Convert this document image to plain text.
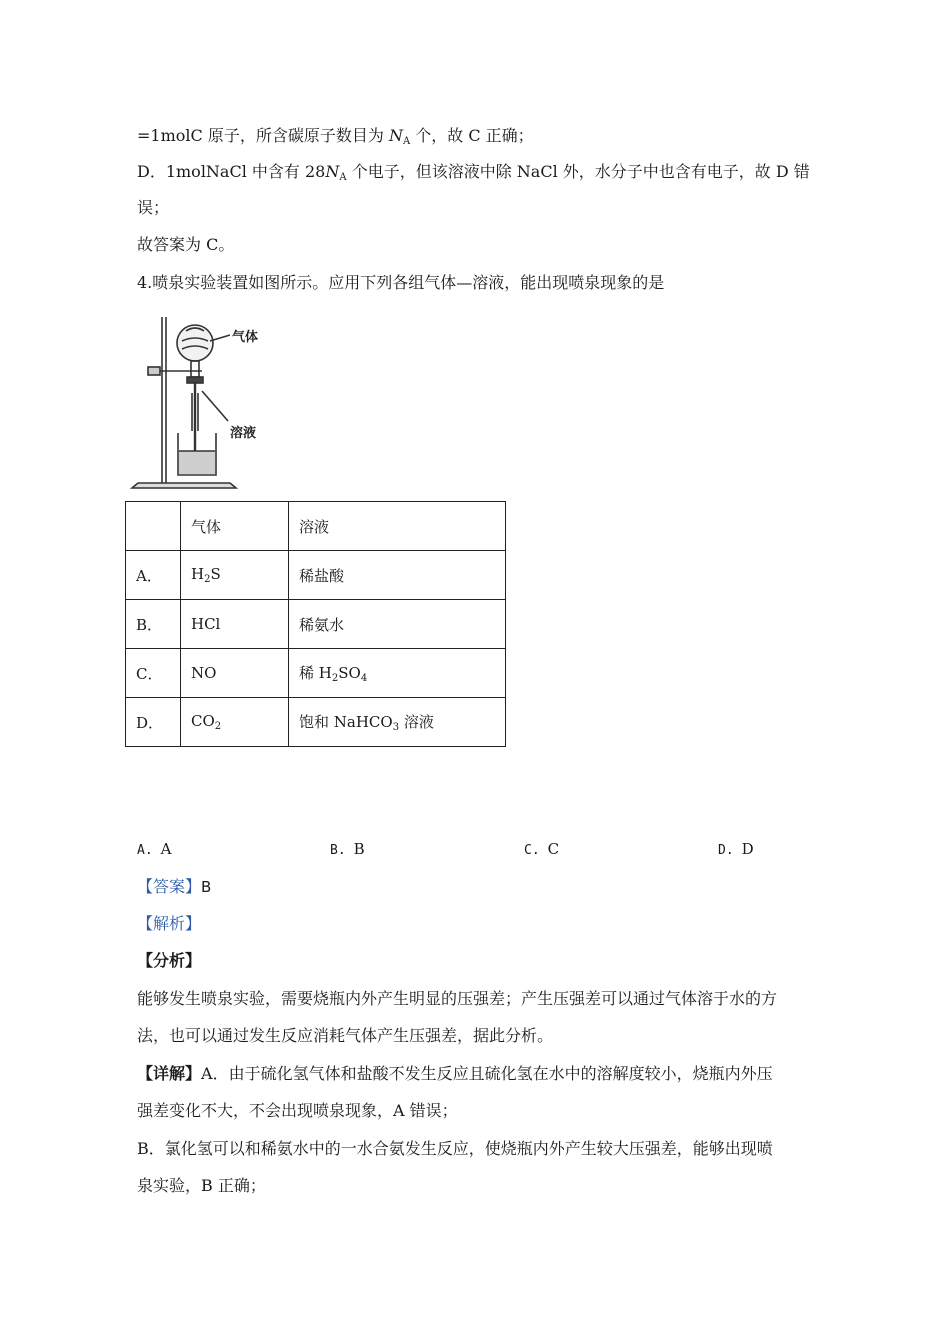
=1molC 原子，所含碳原子数目为 $N_A$ 个，故 C 正确；
D．1molNaCl 中含有 $28N_A$ 个电子，但该溶液中除 NaCl 外，水分子中也含有电子，故 D 错
误；
故答案为 C。
4.喷泉实验装置如图所示。应用下列各组气体—溶液，能出现喷泉现象的是
气体
溶液
	气体	溶液
A．	$H_2S$	稀盐酸
B．	HCl	稀氨水
C．	NO	稀 $H_2SO_4$
D．	$CO_2$	饱和 NaHCO$_3$ 溶液
A. A	B. B	C. C	D. D
【答案】B
【解析】
【分析】
能够发生喷泉实验，需要烧瓶内外产生明显的压强差；产生压强差可以通过气体溶于水的方
法，也可以通过发生反应消耗气体产生压强差，据此分析。
【详解】A．由于硫化氢气体和盐酸不发生反应且硫化氢在水中的溶解度较小，烧瓶内外压
强差变化不大，不会出现喷泉现象，A 错误；
B．氯化氢可以和稀氨水中的一水合氨发生反应，使烧瓶内外产生较大压强差，能够出现喷
泉实验，B 正确；
